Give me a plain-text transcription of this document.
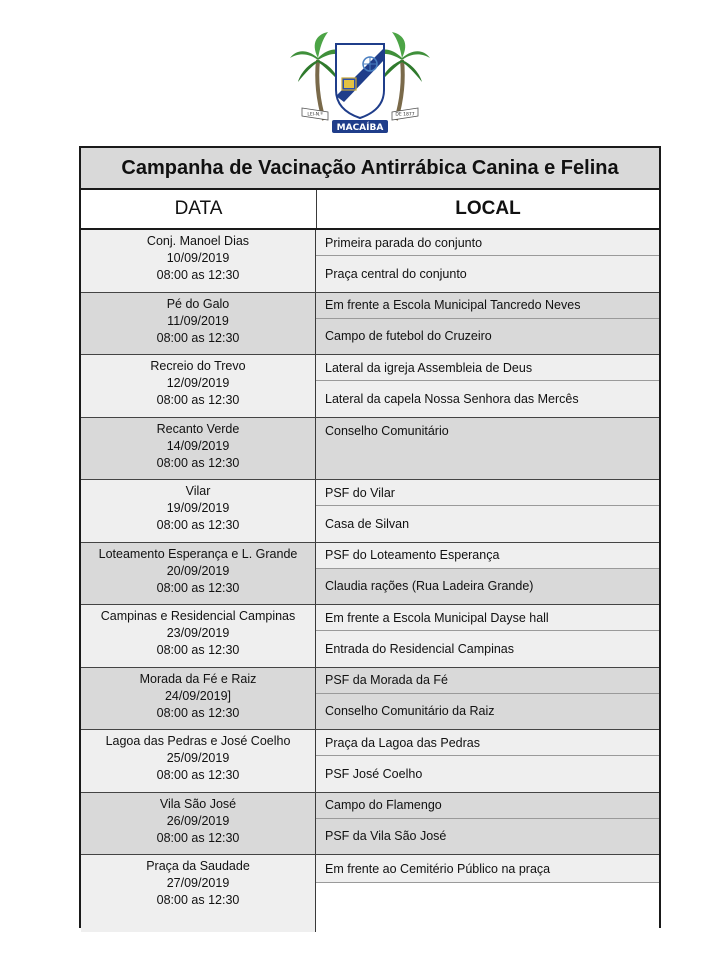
LEI-N.º	DE 1877
MACAÍBA
Campanha de Vacinação Antirrábica Canina e Felina
DATA	LOCAL
Conj. Manoel Dias
10/09/2019
08:00 as 12:30
Primeira parada do conjunto
Praça central do conjunto
Pé do Galo
11/09/2019
08:00 as 12:30
Em frente a Escola Municipal Tancredo Neves
Campo de futebol do Cruzeiro
Recreio do Trevo
12/09/2019
08:00 as 12:30
Lateral da igreja Assembleia de Deus
Lateral da capela Nossa Senhora das Mercês
Recanto Verde
14/09/2019
08:00 as 12:30
Conselho Comunitário
Vilar
19/09/2019
08:00 as 12:30
PSF do Vilar
Casa de Silvan
Loteamento Esperança e L. Grande
20/09/2019
08:00 as 12:30
PSF do Loteamento Esperança
Claudia rações (Rua Ladeira Grande)
Campinas e Residencial Campinas
23/09/2019
08:00 as 12:30
Em frente a Escola Municipal Dayse hall
Entrada do Residencial Campinas
Morada da Fé e Raiz
24/09/2019]
08:00 as 12:30
PSF da Morada da Fé
Conselho Comunitário da Raiz
Lagoa das Pedras e José Coelho
25/09/2019
08:00 as 12:30
Praça da Lagoa das Pedras
PSF José Coelho
Vila São José
26/09/2019
08:00 as 12:30
Campo do Flamengo
PSF da Vila São José
Praça da Saudade
27/09/2019
08:00 as 12:30
Em frente ao Cemitério Público na praça
